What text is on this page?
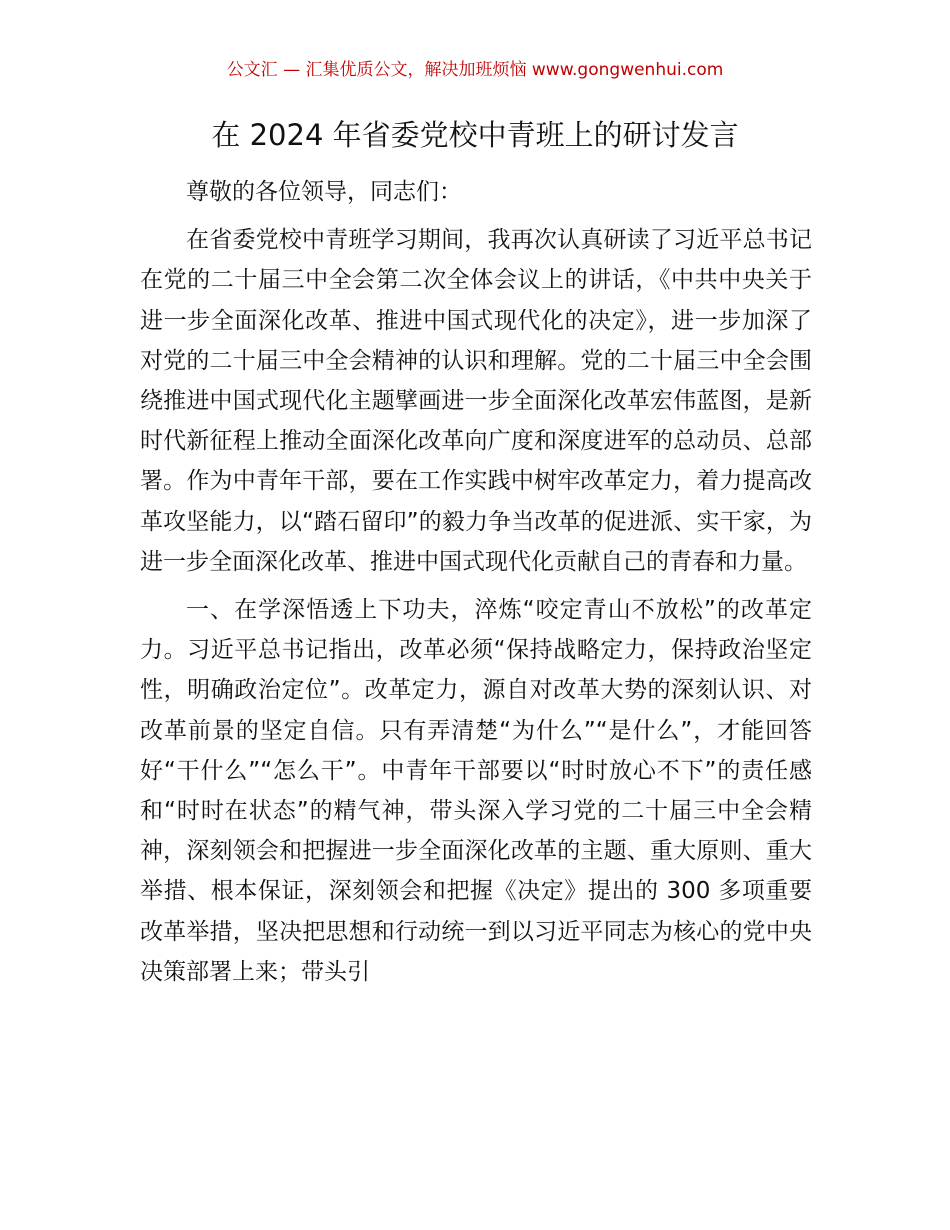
公文汇 — 汇集优质公文，解决加班烦恼 www.gongwenhui.com
在 2024 年省委党校中青班上的研讨发言

尊敬的各位领导，同志们：

在省委党校中青班学习期间，我再次认真研读了习近平总书记在党的二十届三中全会第二次全体会议上的讲话，《中共中央关于进一步全面深化改革、推进中国式现代化的决定》，进一步加深了对党的二十届三中全会精神的认识和理解。党的二十届三中全会围绕推进中国式现代化主题擘画进一步全面深化改革宏伟蓝图，是新时代新征程上推动全面深化改革向广度和深度进军的总动员、总部署。作为中青年干部，要在工作实践中树牢改革定力，着力提高改革攻坚能力，以“踏石留印”的毅力争当改革的促进派、实干家，为进一步全面深化改革、推进中国式现代化贡献自己的青春和力量。

一、在学深悟透上下功夫，淬炼“咬定青山不放松”的改革定力。习近平总书记指出，改革必须“保持战略定力，保持政治坚定性，明确政治定位”。改革定力，源自对改革大势的深刻认识、对改革前景的坚定自信。只有弄清楚“为什么”“是什么”，才能回答好“干什么”“怎么干”。中青年干部要以“时时放心不下”的责任感和“时时在状态”的精气神，带头深入学习党的二十届三中全会精神，深刻领会和把握进一步全面深化改革的主题、重大原则、重大举措、根本保证，深刻领会和把握《决定》提出的 300 多项重要改革举措，坚决把思想和行动统一到以习近平同志为核心的党中央决策部署上来；带头引
